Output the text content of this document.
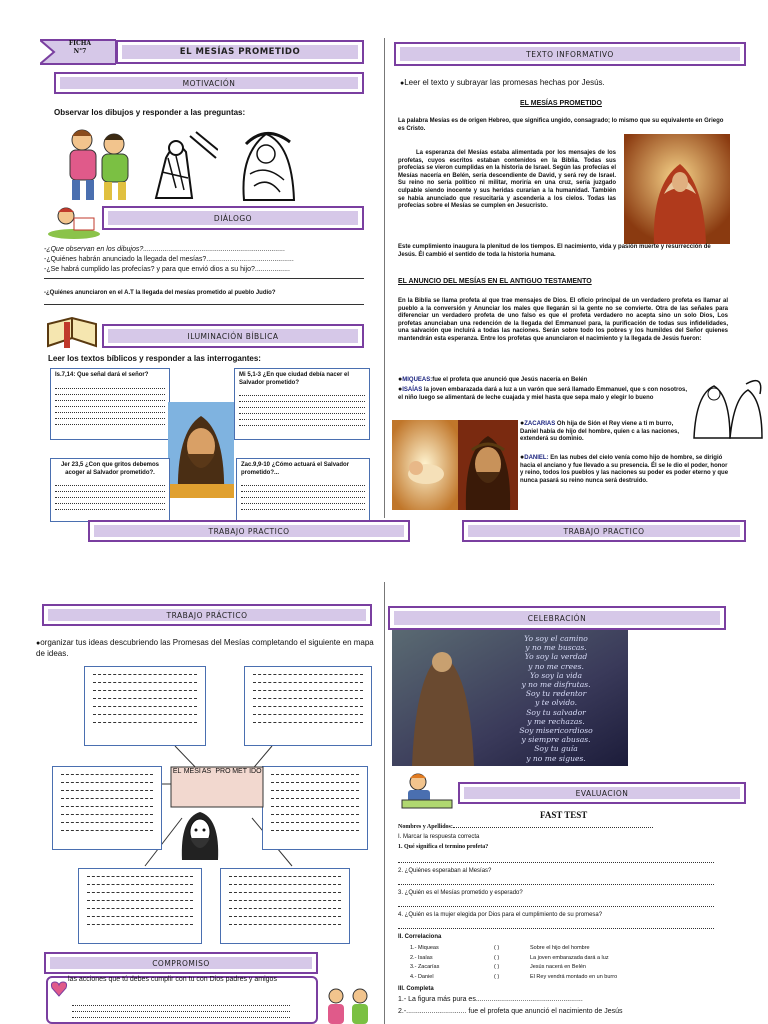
FICHA
N°7	EL MESÍAS PROMETIDO
MOTIVACIÓN
Observar los dibujos y responder a las preguntas:
DIÁLOGO
-¿Que observan en los dibujos?.........................................................................
-¿Quiénes habrán anunciado la llegada del mesías?.............................................
-¿Se habrá cumplido las profecías? y para que envió dios a su hijo?..................
-¿Quiénes anunciaron en el A.T la llegada del mesías prometido al pueblo Judío?
ILUMINACIÓN BÍBLICA
Leer los textos bíblicos y responder a las interrogantes:
Is.7,14: Que señal dará el señor?	Mi 5,1-3 ¿En que ciudad debía nacer el Salvador prometido?
Jer 23,5 ¿Con que gritos debemos acoger al Salvador prometido?.
Zac.9,9-10 ¿Cómo actuará el Salvador prometido?...
TRABAJO PRACTICO
TEXTO INFORMATIVO
● Leer el texto y subrayar las promesas hechas por Jesús.
EL MESÍAS PROMETIDO
La palabra Mesías es de origen Hebreo, que significa ungido, consagrado; lo mismo que su equivalente en Griego es Cristo.
La esperanza del Mesías estaba alimentada por los mensajes de los profetas, cuyos escritos estaban contenidos en la Biblia. Todas sus profecías se vieron cumplidas en la historia de Israel. Según las profecías el Mesías nacería en Belén, sería descendiente de David, y será rey de Israel. Su reino no sería político ni militar, moriría en una cruz, sería juzgado culpable siendo inocente y sus heridas curarían a la humanidad. También se había anunciado que resucitaría y ascendería a los cielos. Todas las profecías sobre el Mesías se cumplen en Jesucristo.
Este cumplimiento inaugura la plenitud de los tiempos. El nacimiento, vida y pasión muerte y resurrección de Jesús. Él cambió el sentido de toda la historia humana.
EL ANUNCIO DEL MESÍAS EN EL ANTIGUO TESTAMENTO
En la Biblia se llama profeta al que trae mensajes de Dios. El oficio principal de un verdadero profeta es llamar al pueblo a la conversión y Anunciar los males que llegarán si la gente no se convierte. Otra de las señales para diferenciar un verdadero profeta de uno falso es que el profeta verdadero no acepta sino un solo Dios, Los profetas anunciaban una redención de la llegada del Emmanuel para, la purificación de todas sus infidelidades, una salvación que incluirá a todas las naciones. Serán sobre todo los pobres y los humildes del Señor quienes mantendrán esta esperanza. Entre los profetas que anunciaron el nacimiento y la llegada de Jesús fueron:
● MIQUEAS:fue el profeta que anunció que Jesús nacería en Belén
● ISAÍAS la joven embarazada dará a luz a un varón que será llamado Emmanuel, que s con nosotros, el niño luego se alimentará de leche cuajada y miel hasta que sepa malo y elegir lo bueno
● ZACARIAS Oh hija de Sión el Rey viene a ti m burro, Daniel había de hijo del hombre, quien c a las naciones, extenderá su dominio.
● DANIEL: En las nubes del cielo venía como hijo de hombre, se dirigió hacia el anciano y fue llevado a su presencia. Él se le dio el poder, honor y reino, todos los pueblos y las naciones su poder es poder eterno y que nunca pasará su reino nunca será destruido.
TRABAJO PRACTICO
TRABAJO PRÁCTICO
● organizar tus ideas descubriendo las Promesas del Mesías completando el siguiente en mapa de ideas.
EL MESÍ AS PRO MET IDO
COMPROMISO
las acciones que tú debes cumplir con tu con Dios padres y amigos
CELEBRACIÓN
Yo soy el camino
y no me buscas.
Yo soy la verdad
y no me crees.
Yo soy la vida
y no me disfrutas.
Soy tu redentor
y te olvido.
Soy tu salvador
y me rechazas.
Soy misericordioso
y siempre abusas.
Soy tu guía
y no me sigues.
EVALUACION
FAST TEST
Nombres y Apellidos:
I. Marcar la respuesta correcta
1. Qué significa el termino profeta?
2. ¿Quiénes esperaban al Mesías?
3. ¿Quién es el Mesías prometido y esperado?
4. ¿Quién es la mujer elegida por Dios para el cumplimiento de su promesa?
II. Correlaciona
1.- Miqueas	( )	Sobre el hijo del hombre
2.- Isaías	( )	La joven embarazada dará a luz
3.- Zacarías	( )	Jesús nacerá en Belén
4.- Daniel	( )	El Rey vendrá montado en un burro
III. Completa
1.- La figura más pura es.......................................................
2.-............................... fue el profeta que anunció el nacimiento de Jesús
